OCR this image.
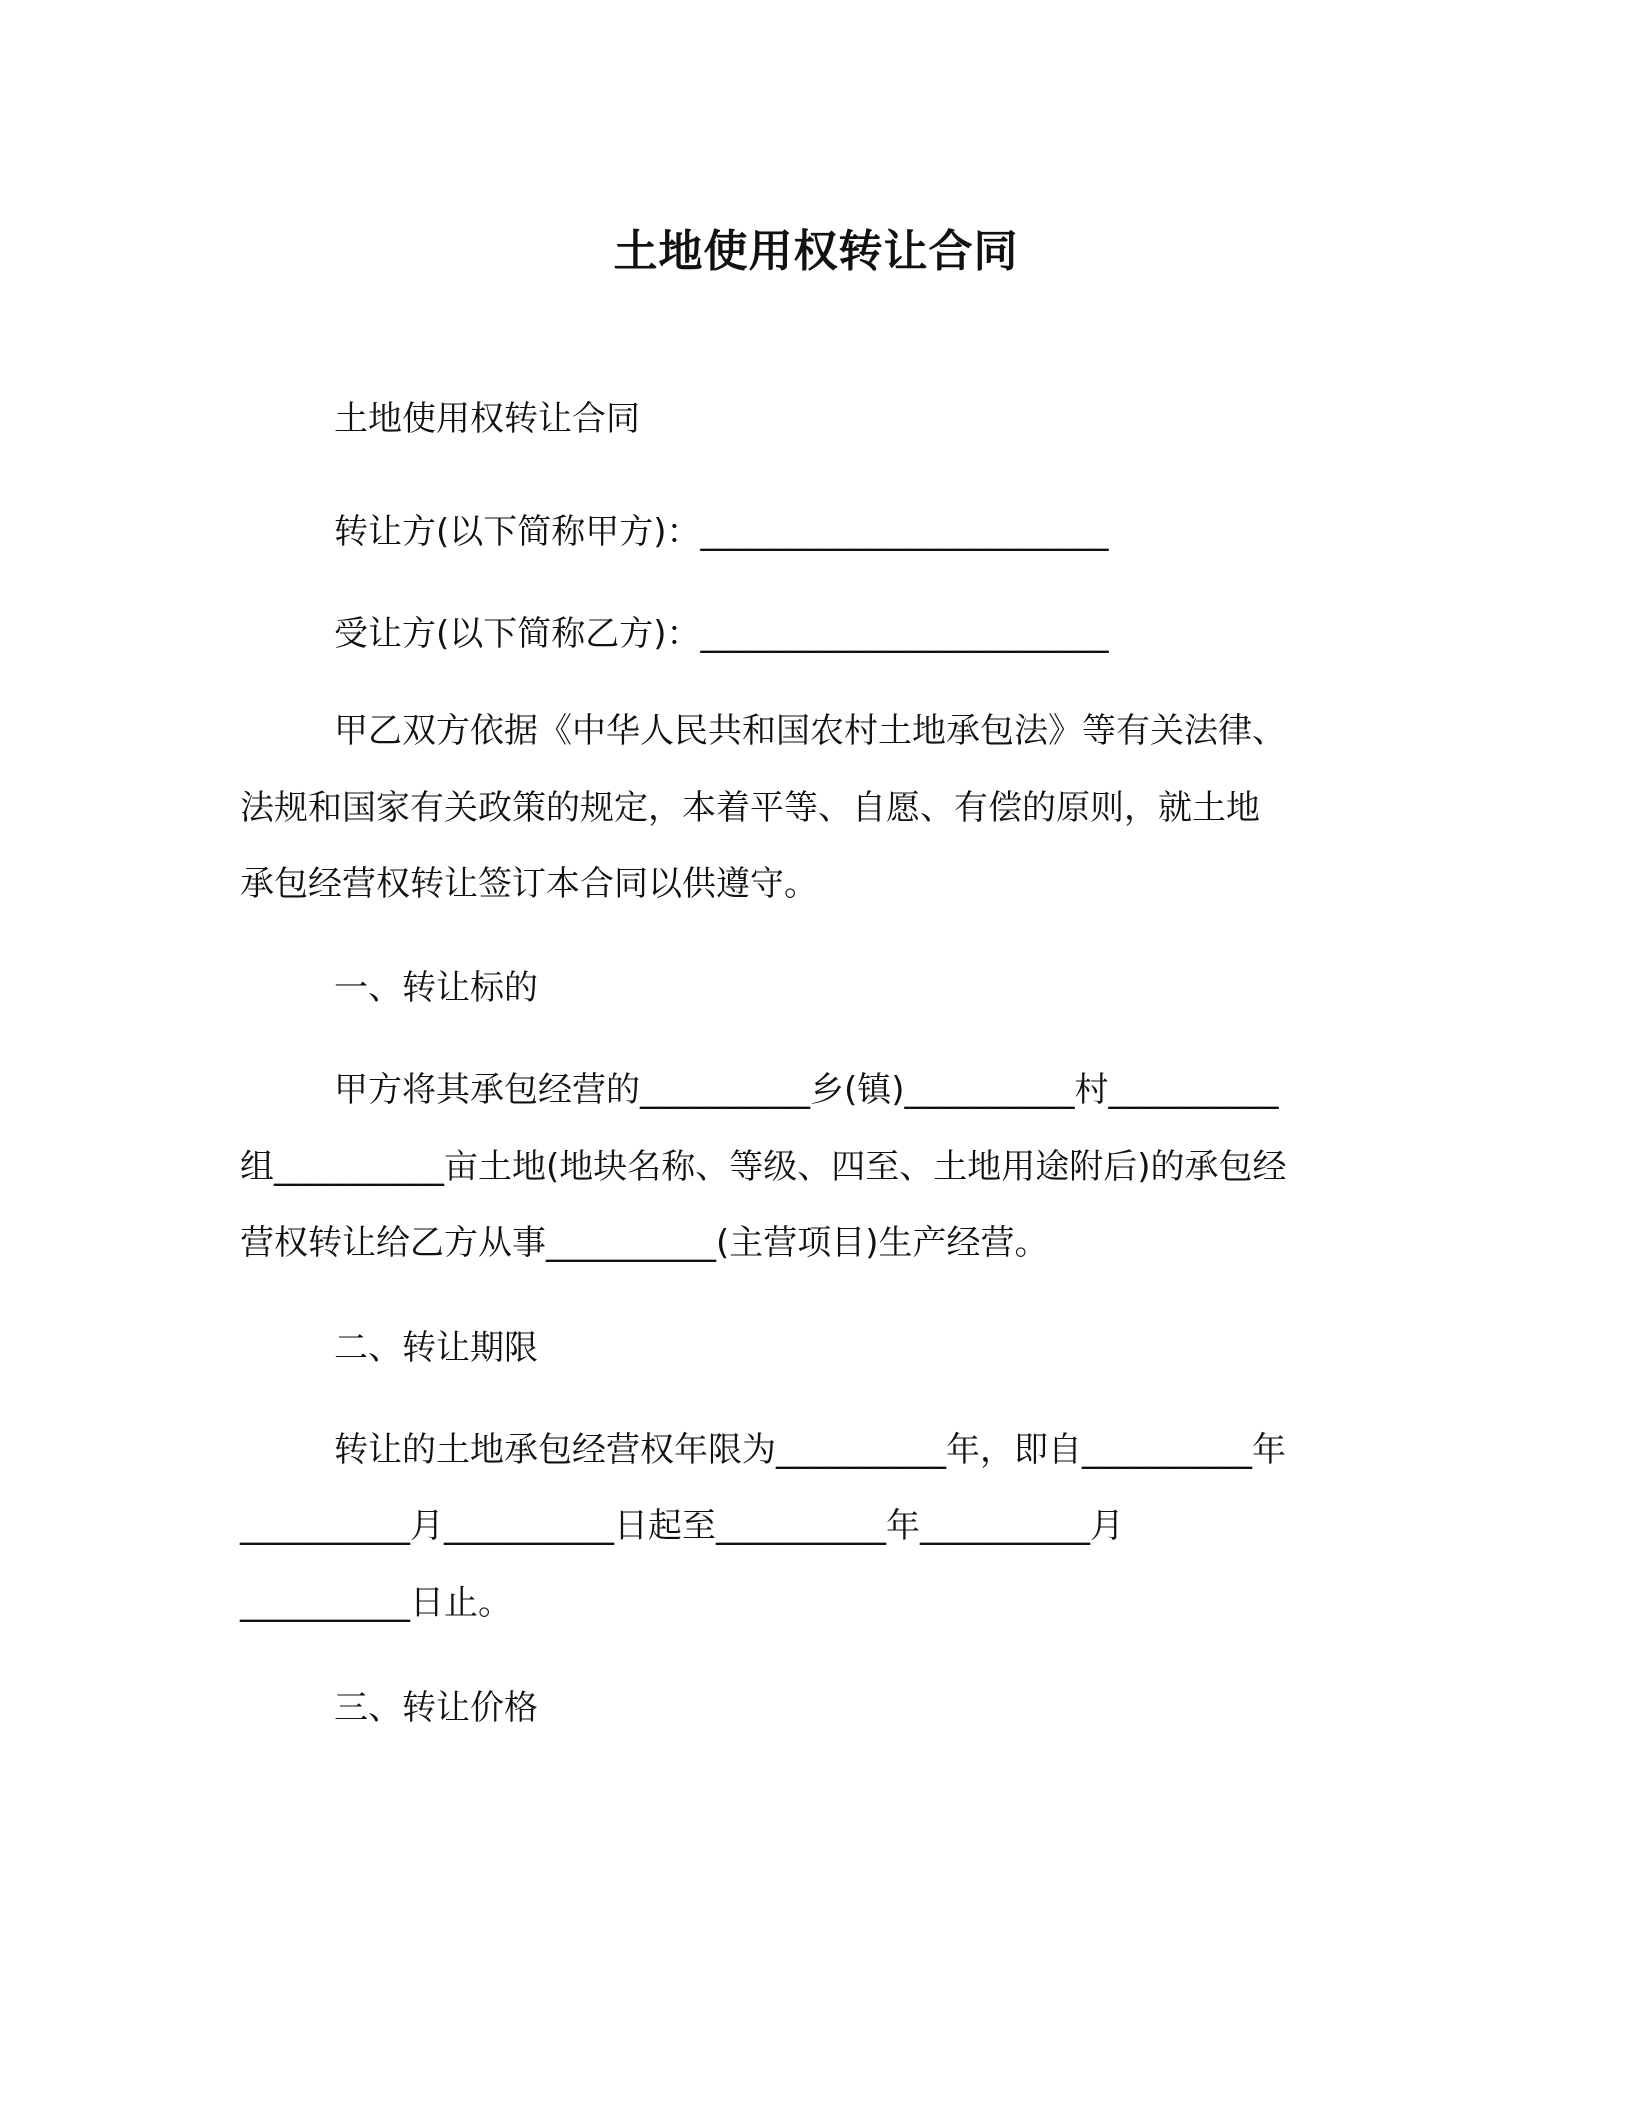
土地使用权转让合同
土地使用权转让合同
转让方(以下简称甲方)：________________________
受让方(以下简称乙方)：________________________
甲乙双方依据《中华人民共和国农村土地承包法》等有关法律、
法规和国家有关政策的规定，本着平等、自愿、有偿的原则，就土地
承包经营权转让签订本合同以供遵守。
一、转让标的
甲方将其承包经营的__________乡(镇)__________村__________
组__________亩土地(地块名称、等级、四至、土地用途附后)的承包经
营权转让给乙方从事__________(主营项目)生产经营。
二、转让期限
转让的土地承包经营权年限为__________年，即自__________年
__________月__________日起至__________年__________月
__________日止。
三、转让价格
